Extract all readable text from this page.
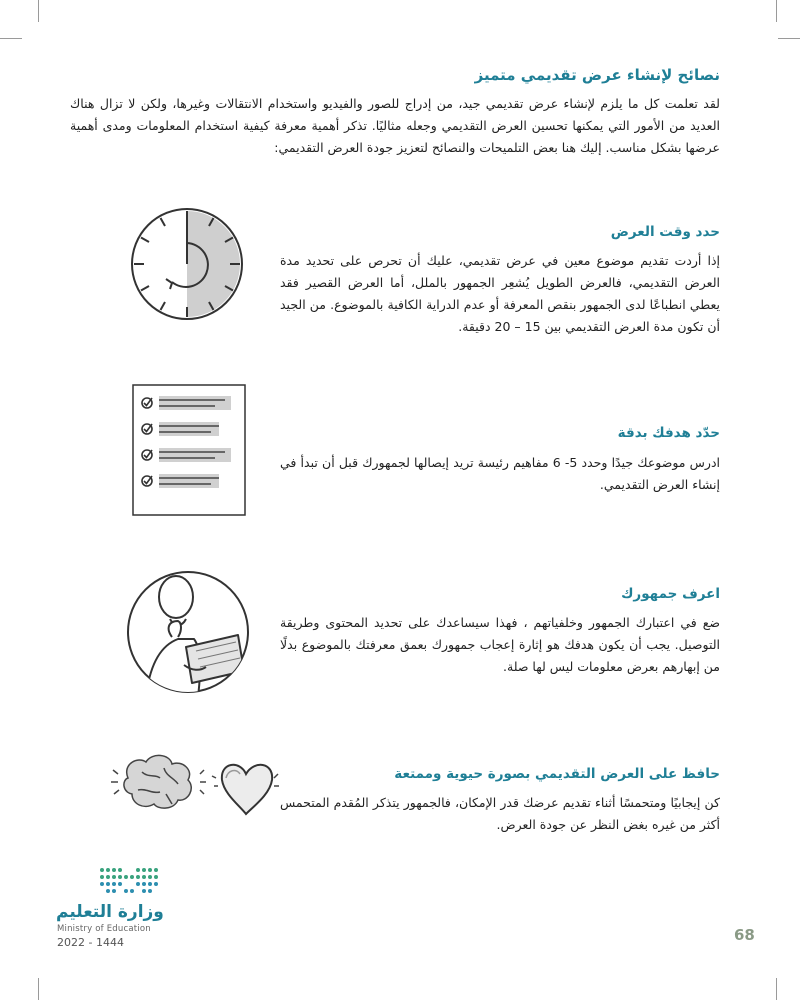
نصائح لإنشاء عرض تقديمي متميز
لقد تعلمت كل ما يلزم لإنشاء عرض تقديمي جيد، من إدراج للصور والفيديو واستخدام الانتقالات وغيرها، ولكن لا تزال هناك العديد من الأمور التي يمكنها تحسين العرض التقديمي وجعله مثاليًا. تذكر أهمية معرفة كيفية استخدام المعلومات ومدى أهمية عرضها بشكل مناسب. إليك هنا بعض التلميحات والنصائح لتعزيز جودة العرض التقديمي:
حدد وقت العرض
إذا أردت تقديم موضوع معين في عرض تقديمي، عليك أن تحرص على تحديد مدة العرض التقديمي، فالعرض الطويل يُشعِر الجمهور بالملل، أما العرض القصير فقد يعطي انطباعًا لدى الجمهور بنقص المعرفة أو عدم الدراية الكافية بالموضوع. من الجيد أن تكون مدة العرض التقديمي بين 15 – 20 دقيقة.
حدّد هدفك بدقة
ادرس موضوعك جيدًا وحدد 5- 6 مفاهيم رئيسة تريد إيصالها لجمهورك قبل أن تبدأ في إنشاء العرض التقديمي.
اعرف جمهورك
ضع في اعتبارك الجمهور وخلفياتهم ، فهذا سيساعدك على تحديد المحتوى وطريقة التوصيل. يجب أن يكون هدفك هو إثارة إعجاب جمهورك بعمق معرفتك بالموضوع بدلًا من إبهارهم بعرض معلومات ليس لها صلة.
حافظ على العرض التقديمي بصورة حيوية وممتعة
كن إيجابيًا ومتحمسًا أثناء تقديم عرضك قدر الإمكان، فالجمهور يتذكر المُقدم المتحمس أكثر من غيره بغض النظر عن جودة العرض.
وزارة التعليم
Ministry of Education
2022 - 1444	68
